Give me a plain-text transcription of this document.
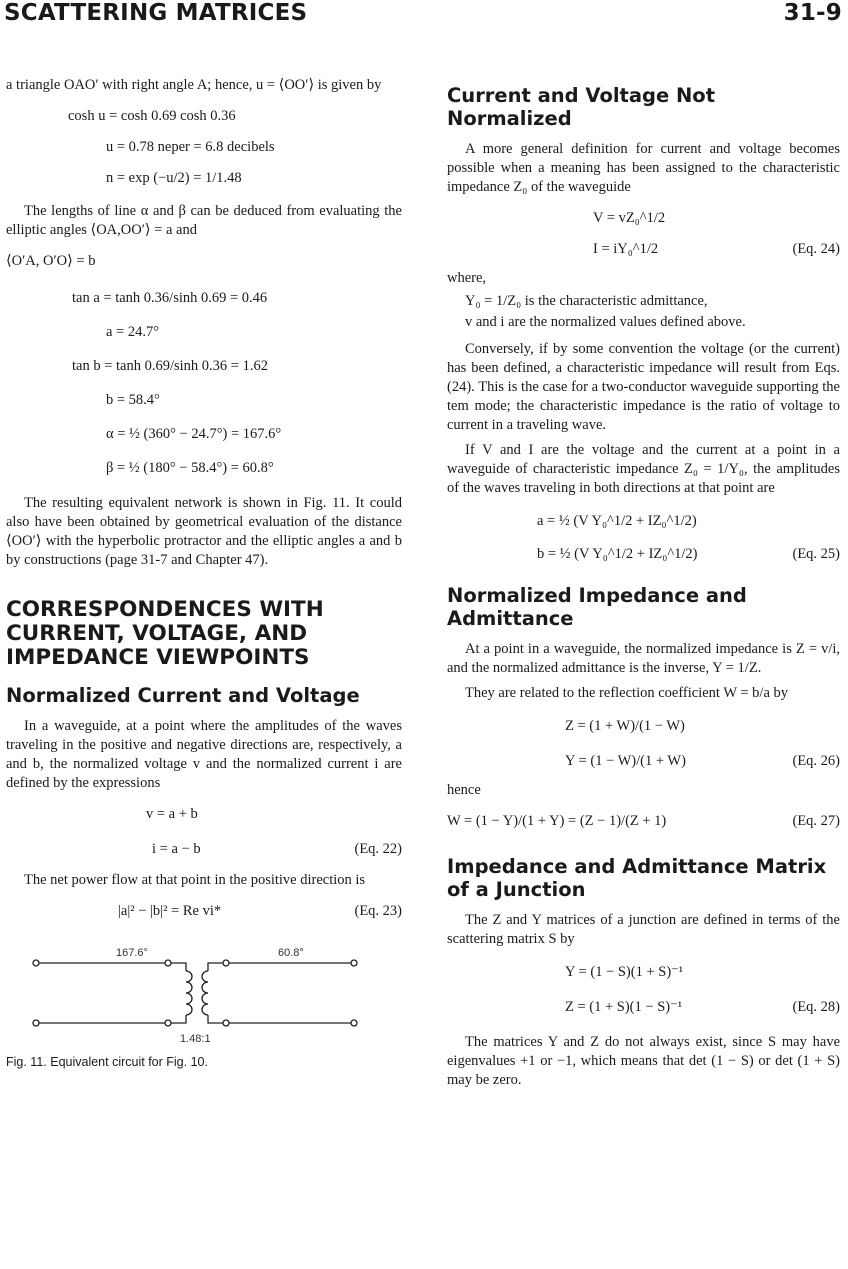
SCATTERING MATRICES	31-9

a triangle OAO′ with right angle A; hence, u = ⟨OO′⟩ is given by

cosh u = cosh 0.69 cosh 0.36
u = 0.78 neper = 6.8 decibels
n = exp (−u/2) = 1/1.48

The lengths of line α and β can be deduced from evaluating the elliptic angles ⟨OA,OO′⟩ = a and

⟨O′A, O′O⟩ = b
tan a = tanh 0.36/sinh 0.69 = 0.46
a = 24.7°
tan b = tanh 0.69/sinh 0.36 = 1.62
b = 58.4°
α = ½ (360° − 24.7°) = 167.6°
β = ½ (180° − 58.4°) = 60.8°

The resulting equivalent network is shown in Fig. 11. It could also have been obtained by geometrical evaluation of the distance ⟨OO′⟩ with the hyperbolic protractor and the elliptic angles a and b by constructions (page 31-7 and Chapter 47).

CORRESPONDENCES WITH CURRENT, VOLTAGE, AND IMPEDANCE VIEWPOINTS
Normalized Current and Voltage

In a waveguide, at a point where the amplitudes of the waves traveling in the positive and negative directions are, respectively, a and b, the normalized voltage v and the normalized current i are defined by the expressions

v = a + b
i = a − b	(Eq. 22)

The net power flow at that point in the positive direction is

|a|² − |b|² = Re vi*	(Eq. 23)
167.6°	60.8°
1.48:1
Fig. 11. Equivalent circuit for Fig. 10.
Current and Voltage Not Normalized

A more general definition for current and voltage becomes possible when a meaning has been assigned to the characteristic impedance Z₀ of the waveguide

V = vZ₀^1/2
I = iY₀^1/2	(Eq. 24)

where,

Y₀ = 1/Z₀ is the characteristic admittance,

v and i are the normalized values defined above.

Conversely, if by some convention the voltage (or the current) has been defined, a characteristic impedance will result from Eqs. (24). This is the case for a two-conductor waveguide supporting the tem mode; the characteristic impedance is the ratio of voltage to current in a traveling wave.

If V and I are the voltage and the current at a point in a waveguide of characteristic impedance Z₀ = 1/Y₀, the amplitudes of the waves traveling in both directions at that point are

a = ½ (V Y₀^1/2 + IZ₀^1/2)
b = ½ (V Y₀^1/2 + IZ₀^1/2)	(Eq. 25)
Normalized Impedance and Admittance

At a point in a waveguide, the normalized impedance is Z = v/i, and the normalized admittance is the inverse, Y = 1/Z.

They are related to the reflection coefficient W = b/a by

Z = (1 + W)/(1 − W)
Y = (1 − W)/(1 + W)	(Eq. 26)

hence

W = (1 − Y)/(1 + Y) = (Z − 1)/(Z + 1)	(Eq. 27)
Impedance and Admittance Matrix of a Junction

The Z and Y matrices of a junction are defined in terms of the scattering matrix S by

Y = (1 − S)(1 + S)⁻¹
Z = (1 + S)(1 − S)⁻¹	(Eq. 28)

The matrices Y and Z do not always exist, since S may have eigenvalues +1 or −1, which means that det (1 − S) or det (1 + S) may be zero.
